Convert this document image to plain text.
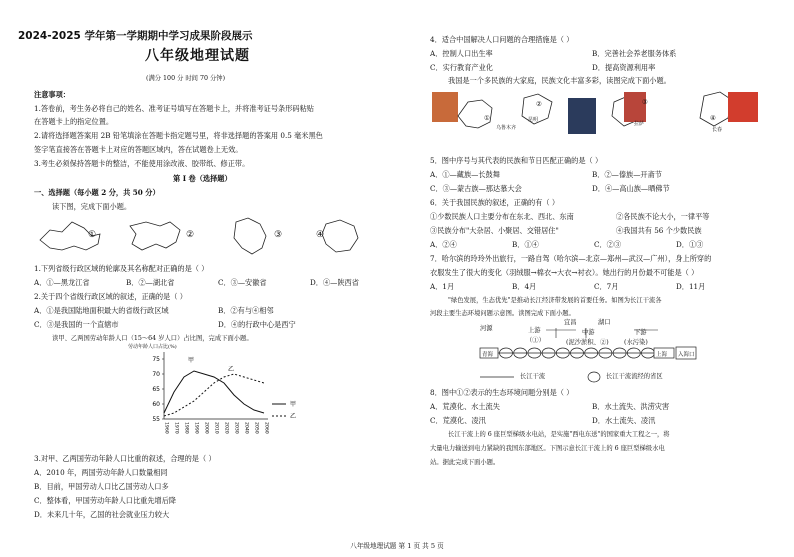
2024-2025 学年第一学期期中学习成果阶段展示
八年级地理试题
(满分 100 分 时间 70 分钟)
注意事项：
1.答卷前，考生务必将自己的姓名、准考证号填写在答题卡上，并将准考证号条形码粘贴
在答题卡上的指定位置。
2.请将选择题答案用 2B 铅笔填涂在答题卡指定题号里，将非选择题的答案用 0.5 毫米黑色
签字笔直接答在答题卡上对应的答题区域内，答在试题卷上无效。
3.考生必须保持答题卡的整洁，不能使用涂改液、胶带纸、修正带。
第 I 卷（选择题）
一、选择题（每小题 2 分，共 50 分）
读下图，完成下面小题。
①	②	③	④
1.下列省级行政区域的轮廓及其名称配对正确的是（ ）
A．①—黑龙江省	B．②—湖北省	C．③—安徽省	D．④—陕西省
2.关于四个省级行政区域的叙述，正确的是（ ）
A．①是我国陆地面积最大的省级行政区域	B．②有与④相邻
C．③是我国的一个直辖市	D．④的行政中心是西宁
读甲、乙两国劳动年龄人口（15～64 岁人口）占比图，完成下面小题。
75
70
65
60
55
1960 1970 1980 1990 2000 2010 2020 2030 2040 2050 2060
甲
乙
甲
乙
劳动年龄人口占比(%)
3.对甲、乙两国劳动年龄人口比重的叙述，合理的是（ ）
A．2010 年，两国劳动年龄人口数量相同
B．目前，甲国劳动人口比乙国劳动人口多
C．整体看，甲国劳动年龄人口比重先增后降
D．未来几十年，乙国的社会就业压力较大
4．适合中国解决人口问题的合理措施是（ ）
A．控制人口出生率	B．完善社会养老服务体系
C．实行教育产业化	D．提高资源利用率
我国是一个多民族的大家庭，民族文化丰富多彩，读图完成下面小题。
①
乌鲁木齐
②
昆明
③
拉萨
④
长春
5．图中序号与其代表的民族和节日匹配正确的是（ ）
A．①—藏族—长鼓舞	B．②—傣族—开斋节
C．③—蒙古族—那达慕大会	D．④—高山族—晒佛节
6．关于我国民族的叙述，正确的有（ ）
①少数民族人口主要分布在东北、西北、东南	②各民族不论大小，一律平等
③民族分布"大杂居、小聚居、交错居住"	④我国共有 56 个少数民族
A．②④	B．①④	C．②③	D．①③
7．哈尔滨的玲玲外出旅行，一路自驾（哈尔滨—北京—郑州—武汉—广州），身上所穿的
衣服发生了很大的变化（羽绒服→棉衣→大衣→衬衣）。她出行的月份最不可能是（ ）
A．1月	B．4月	C．7月	D．11月
"绿色发展，生态优先"是推动长江经济带发展的首要任务。如图为长江干流各
河段主要生态环境问题示意图。读图完成下面小题。
河源	上游
（①）
宜昌	湖口
中游
(泥沙淤积、②)
下游
(水污染)
青海	上海 入海口
长江干流	长江干流流经的省区
8．图中①②表示的生态环境问题分别是（ ）
A．荒漠化、水土流失	B．水土流失、洪涝灾害
C．荒漠化、凌汛	D．水土流失、凌汛
长江干流上的 6 座巨型梯级水电站，是实施"西电东送"的国家重大工程之一，将
大量电力输送到电力紧缺的我国东部地区。下图示意长江干流上的 6 座巨型梯级水电
站。据此完成下面小题。
八年级地理试题 第 1 页 共 5 页
